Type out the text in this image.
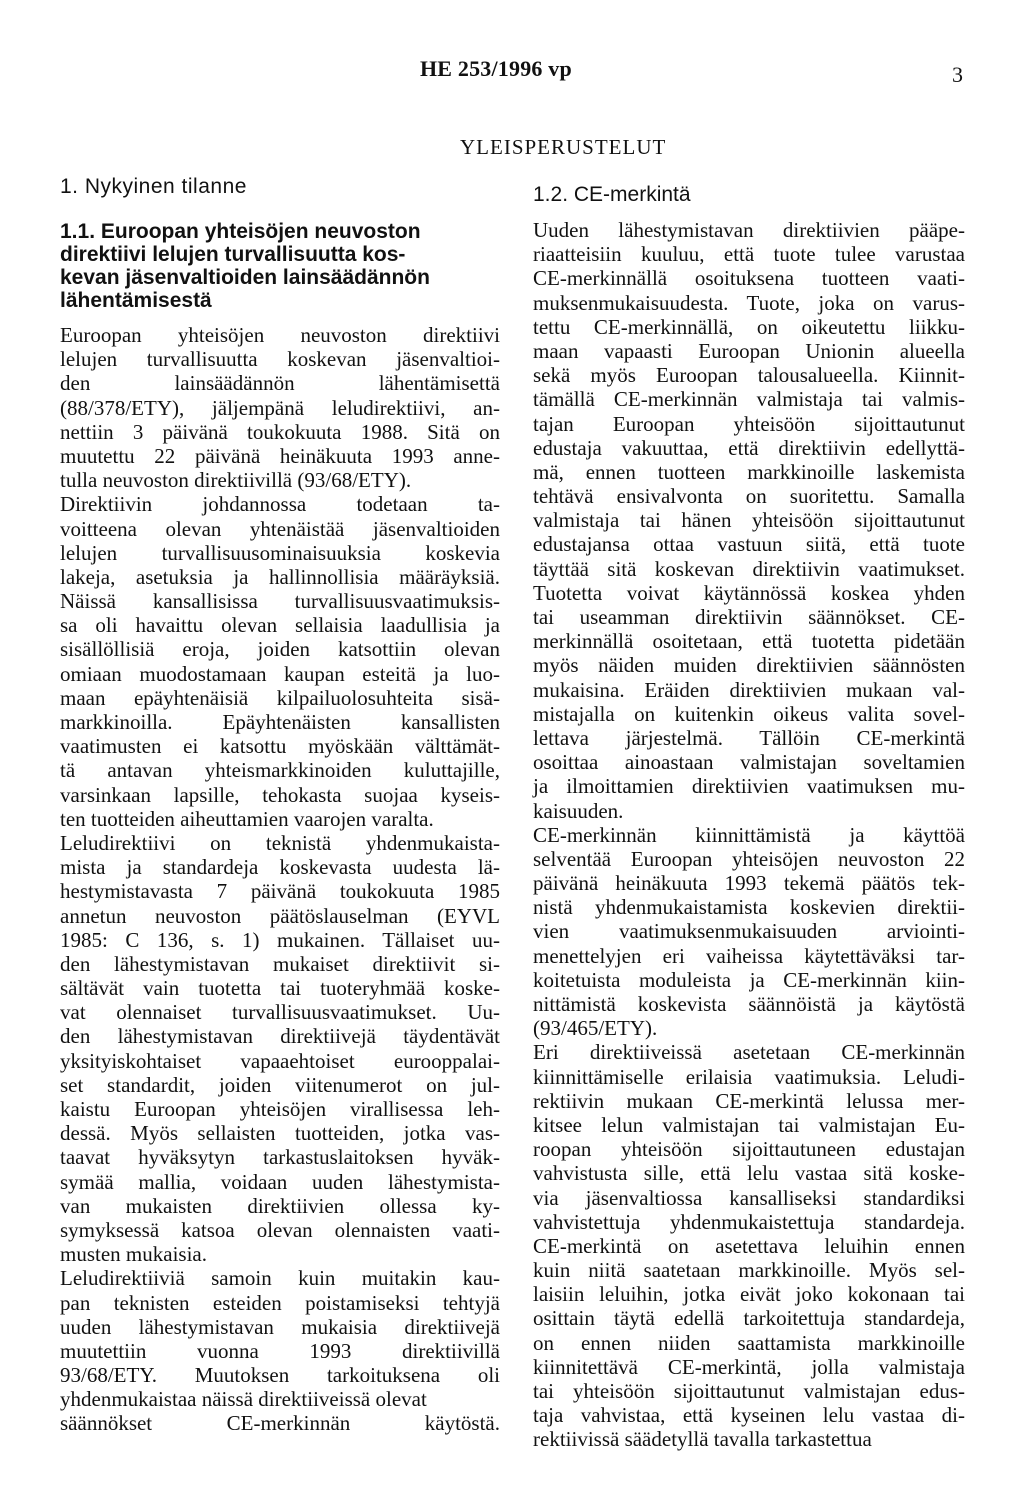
HE 253/1996 vp	3
YLEISPERUSTELUT
1. Nykyinen tilanne
1.1. Euroopan yhteisöjen neuvoston
direktiivi lelujen turvallisuutta kos-
kevan jäsenvaltioiden lainsäädännön
lähentämisestä
Euroopan yhteisöjen neuvoston direktiivi
lelujen turvallisuutta koskevan jäsenvaltioi-
den lainsäädännön lähentämisettä
(88/378/ETY), jäljempänä leludirektiivi, an-
nettiin 3 päivänä toukokuuta 1988. Sitä on
muutettu 22 päivänä heinäkuuta 1993 anne-
tulla neuvoston direktiivillä (93/68/ETY).
Direktiivin johdannossa todetaan ta-
voitteena olevan yhtenäistää jäsenvaltioiden
lelujen turvallisuusominaisuuksia koskevia
lakeja, asetuksia ja hallinnollisia määräyksiä.
Näissä kansallisissa turvallisuusvaatimuksis-
sa oli havaittu olevan sellaisia laadullisia ja
sisällöllisiä eroja, joiden katsottiin olevan
omiaan muodostamaan kaupan esteitä ja luo-
maan epäyhtenäisiä kilpailuolosuhteita sisä-
markkinoilla. Epäyhtenäisten kansallisten
vaatimusten ei katsottu myöskään välttämät-
tä antavan yhteismarkkinoiden kuluttajille,
varsinkaan lapsille, tehokasta suojaa kyseis-
ten tuotteiden aiheuttamien vaarojen varalta.
Leludirektiivi on teknistä yhdenmukaista-
mista ja standardeja koskevasta uudesta lä-
hestymistavasta 7 päivänä toukokuuta 1985
annetun neuvoston päätöslauselman (EYVL
1985: C 136, s. 1) mukainen. Tällaiset uu-
den lähestymistavan mukaiset direktiivit si-
sältävät vain tuotetta tai tuoteryhmää koske-
vat olennaiset turvallisuusvaatimukset. Uu-
den lähestymistavan direktiivejä täydentävät
yksityiskohtaiset vapaaehtoiset eurooppalai-
set standardit, joiden viitenumerot on jul-
kaistu Euroopan yhteisöjen virallisessa leh-
dessä. Myös sellaisten tuotteiden, jotka vas-
taavat hyväksytyn tarkastuslaitoksen hyväk-
symää mallia, voidaan uuden lähestymista-
van mukaisten direktiivien ollessa ky-
symyksessä katsoa olevan olennaisten vaati-
musten mukaisia.
Leludirektiiviä samoin kuin muitakin kau-
pan teknisten esteiden poistamiseksi tehtyjä
uuden lähestymistavan mukaisia direktiivejä
muutettiin vuonna 1993 direktiivillä
93/68/ETY. Muutoksen tarkoituksena oli
yhdenmukaistaa näissä direktiiveissä olevat
säännökset CE-merkinnän käytöstä.
1.2. CE-merkintä
Uuden lähestymistavan direktiivien pääpe-
riaatteisiin kuuluu, että tuote tulee varustaa
CE-merkinnällä osoituksena tuotteen vaati-
muksenmukaisuudesta. Tuote, joka on varus-
tettu CE-merkinnällä, on oikeutettu liikku-
maan vapaasti Euroopan Unionin alueella
sekä myös Euroopan talousalueella. Kiinnit-
tämällä CE-merkinnän valmistaja tai valmis-
tajan Euroopan yhteisöön sijoittautunut
edustaja vakuuttaa, että direktiivin edellyttä-
mä, ennen tuotteen markkinoille laskemista
tehtävä ensivalvonta on suoritettu. Samalla
valmistaja tai hänen yhteisöön sijoittautunut
edustajansa ottaa vastuun siitä, että tuote
täyttää sitä koskevan direktiivin vaatimukset.
Tuotetta voivat käytännössä koskea yhden
tai useamman direktiivin säännökset. CE-
merkinnällä osoitetaan, että tuotetta pidetään
myös näiden muiden direktiivien säännösten
mukaisina. Eräiden direktiivien mukaan val-
mistajalla on kuitenkin oikeus valita sovel-
lettava järjestelmä. Tällöin CE-merkintä
osoittaa ainoastaan valmistajan soveltamien
ja ilmoittamien direktiivien vaatimuksen mu-
kaisuuden.
CE-merkinnän kiinnittämistä ja käyttöä
selventää Euroopan yhteisöjen neuvoston 22
päivänä heinäkuuta 1993 tekemä päätös tek-
nistä yhdenmukaistamista koskevien direktii-
vien vaatimuksenmukaisuuden arviointi-
menettelyjen eri vaiheissa käytettäväksi tar-
koitetuista moduleista ja CE-merkinnän kiin-
nittämistä koskevista säännöistä ja käytöstä
(93/465/ETY).
Eri direktiiveissä asetetaan CE-merkinnän
kiinnittämiselle erilaisia vaatimuksia. Leludi-
rektiivin mukaan CE-merkintä lelussa mer-
kitsee lelun valmistajan tai valmistajan Eu-
roopan yhteisöön sijoittautuneen edustajan
vahvistusta sille, että lelu vastaa sitä koske-
via jäsenvaltiossa kansalliseksi standardiksi
vahvistettuja yhdenmukaistettuja standardeja.
CE-merkintä on asetettava leluihin ennen
kuin niitä saatetaan markkinoille. Myös sel-
laisiin leluihin, jotka eivät joko kokonaan tai
osittain täytä edellä tarkoitettuja standardeja,
on ennen niiden saattamista markkinoille
kiinnitettävä CE-merkintä, jolla valmistaja
tai yhteisöön sijoittautunut valmistajan edus-
taja vahvistaa, että kyseinen lelu vastaa di-
rektiivissä säädetyllä tavalla tarkastettua
